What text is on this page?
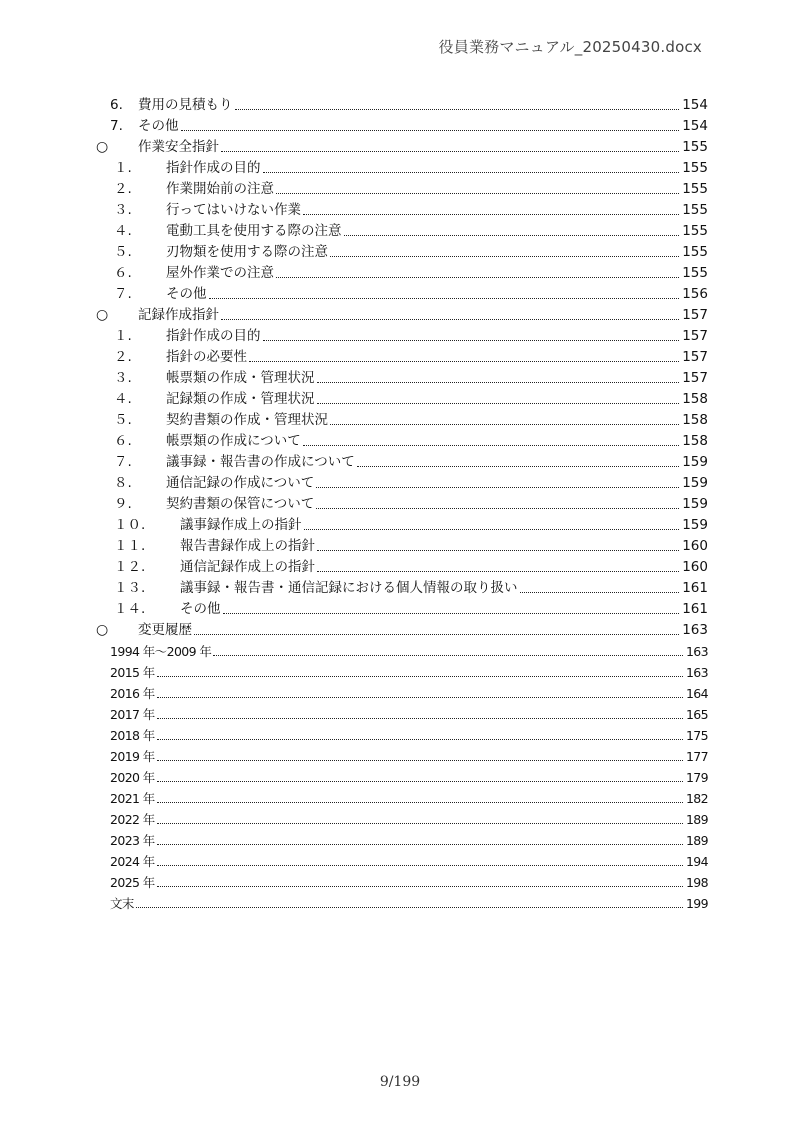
役員業務マニュアル_20250430.docx
6.	費用の見積もり	154
7.	その他	154
○	作業安全指針	155
１.	指針作成の目的	155
２.	作業開始前の注意	155
３.	行ってはいけない作業	155
４.	電動工具を使用する際の注意	155
５.	刃物類を使用する際の注意	155
６.	屋外作業での注意	155
７.	その他	156
○	記録作成指針	157
１.	指針作成の目的	157
２.	指針の必要性	157
３.	帳票類の作成・管理状況	157
４.	記録類の作成・管理状況	158
５.	契約書類の作成・管理状況	158
６.	帳票類の作成について	158
７.	議事録・報告書の作成について	159
８.	通信記録の作成について	159
９.	契約書類の保管について	159
１０.	議事録作成上の指針	159
１１.	報告書録作成上の指針	160
１２.	通信記録作成上の指針	160
１３.	議事録・報告書・通信記録における個人情報の取り扱い	161
１４.	その他	161
○	変更履歴	163
1994 年～2009 年	163
2015 年	163
2016 年	164
2017 年	165
2018 年	175
2019 年	177
2020 年	179
2021 年	182
2022 年	189
2023 年	189
2024 年	194
2025 年	198
文末	199
9/199
